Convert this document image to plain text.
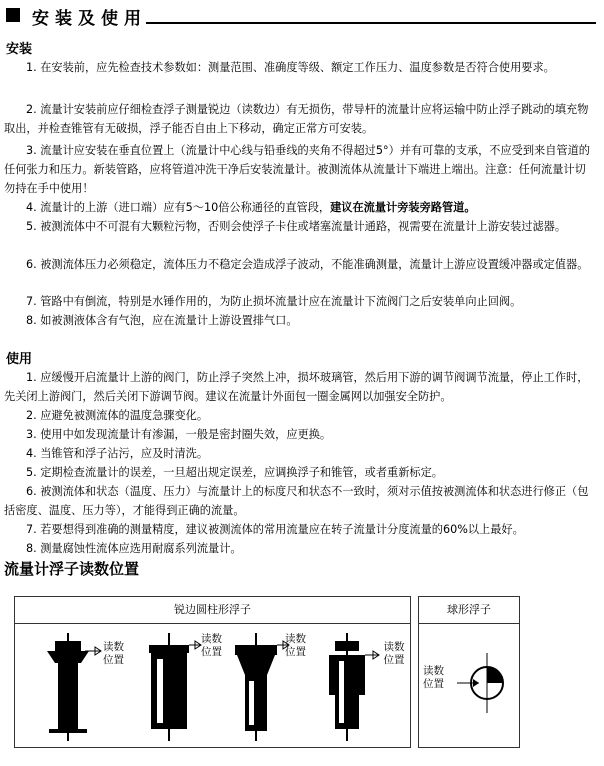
安装及使用
安装
1. 在安装前，应先检查技术参数如：测量范围、准确度等级、额定工作压力、温度参数是否符合使用要求。
2. 流量计安装前应仔细检查浮子测量锐边（读数边）有无损伤，带导杆的流量计应将运输中防止浮子跳动的填充物取出，并检查锥管有无破损，浮子能否自由上下移动，确定正常方可安装。
3. 流量计应安装在垂直位置上（流量计中心线与铅垂线的夹角不得超过5°）并有可靠的支承，不应受到来自管道的任何张力和压力。新装管路，应将管道冲洗干净后安装流量计。被测流体从流量计下端进上端出。注意：任何流量计切勿持在手中使用！
4. 流量计的上游（进口端）应有5～10倍公称通径的直管段，建议在流量计旁装旁路管道。
5. 被测流体中不可混有大颗粒污物，否则会使浮子卡住或堵塞流量计通路，视需要在流量计上游安装过滤器。
6. 被测流体压力必须稳定，流体压力不稳定会造成浮子波动，不能准确测量，流量计上游应设置缓冲器或定值器。
7. 管路中有倒流，特别是水锤作用的，为防止损坏流量计应在流量计下流阀门之后安装单向止回阀。
8. 如被测液体含有气泡，应在流量计上游设置排气口。
使用
1. 应缓慢开启流量计上游的阀门，防止浮子突然上冲，损坏玻璃管，然后用下游的调节阀调节流量，停止工作时，先关闭上游阀门，然后关闭下游调节阀。建议在流量计外面包一圈金属网以加强安全防护。
2. 应避免被测流体的温度急骤变化。
3. 使用中如发现流量计有渗漏，一般是密封圈失效，应更换。
4. 当锥管和浮子沾污，应及时清洗。
5. 定期检查流量计的误差，一旦超出规定误差，应调换浮子和锥管，或者重新标定。
6. 被测流体和状态（温度、压力）与流量计上的标度尺和状态不一致时，须对示值按被测流体和状态进行修正（包括密度、温度、压力等），才能得到正确的流量。
7. 若要想得到准确的测量精度，建议被测流体的常用流量应在转子流量计分度流量的60%以上最好。
8. 测量腐蚀性流体应选用耐腐系列流量计。
流量计浮子读数位置
锐边圆柱形浮子
读数
位置
读数
位置
读数
位置	读数
位置
球形浮子
读数
位置
